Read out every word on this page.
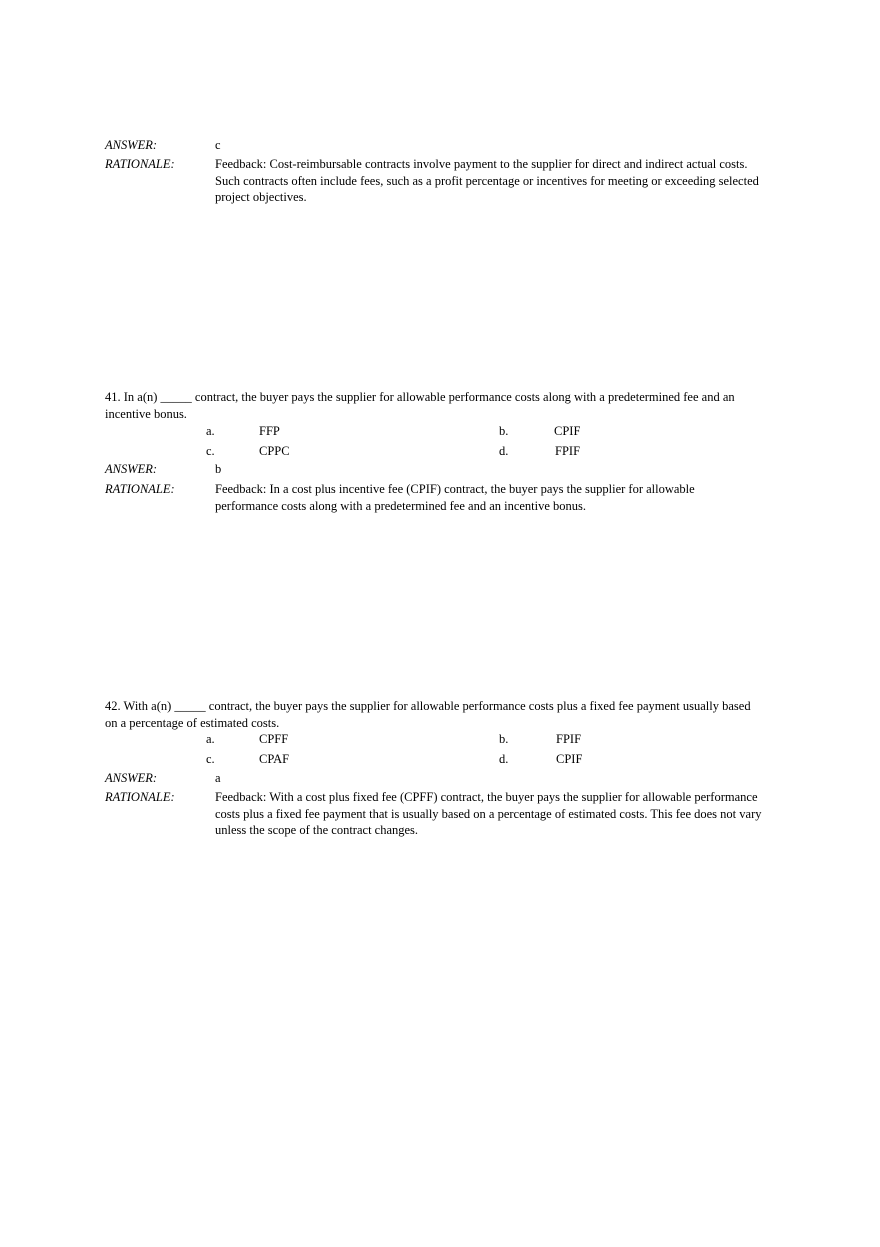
ANSWER:	c
RATIONALE:	Feedback: Cost-reimbursable contracts involve payment to the supplier for direct and indirect actual costs. Such contracts often include fees, such as a profit percentage or incentives for meeting or exceeding selected project objectives.
41. In a(n) _____ contract, the buyer pays the supplier for allowable performance costs along with a predetermined fee and an incentive bonus.
a.	FFP	b.	CPIF
c.	CPPC	d.	FPIF
ANSWER:	b
RATIONALE:	Feedback: In a cost plus incentive fee (CPIF) contract, the buyer pays the supplier for allowable performance costs along with a predetermined fee and an incentive bonus.
42. With a(n) _____ contract, the buyer pays the supplier for allowable performance costs plus a fixed fee payment usually based on a percentage of estimated costs.
a.	CPFF	b.	FPIF
c.	CPAF	d.	CPIF
ANSWER:	a
RATIONALE:	Feedback: With a cost plus fixed fee (CPFF) contract, the buyer pays the supplier for allowable performance costs plus a fixed fee payment that is usually based on a percentage of estimated costs. This fee does not vary unless the scope of the contract changes.
